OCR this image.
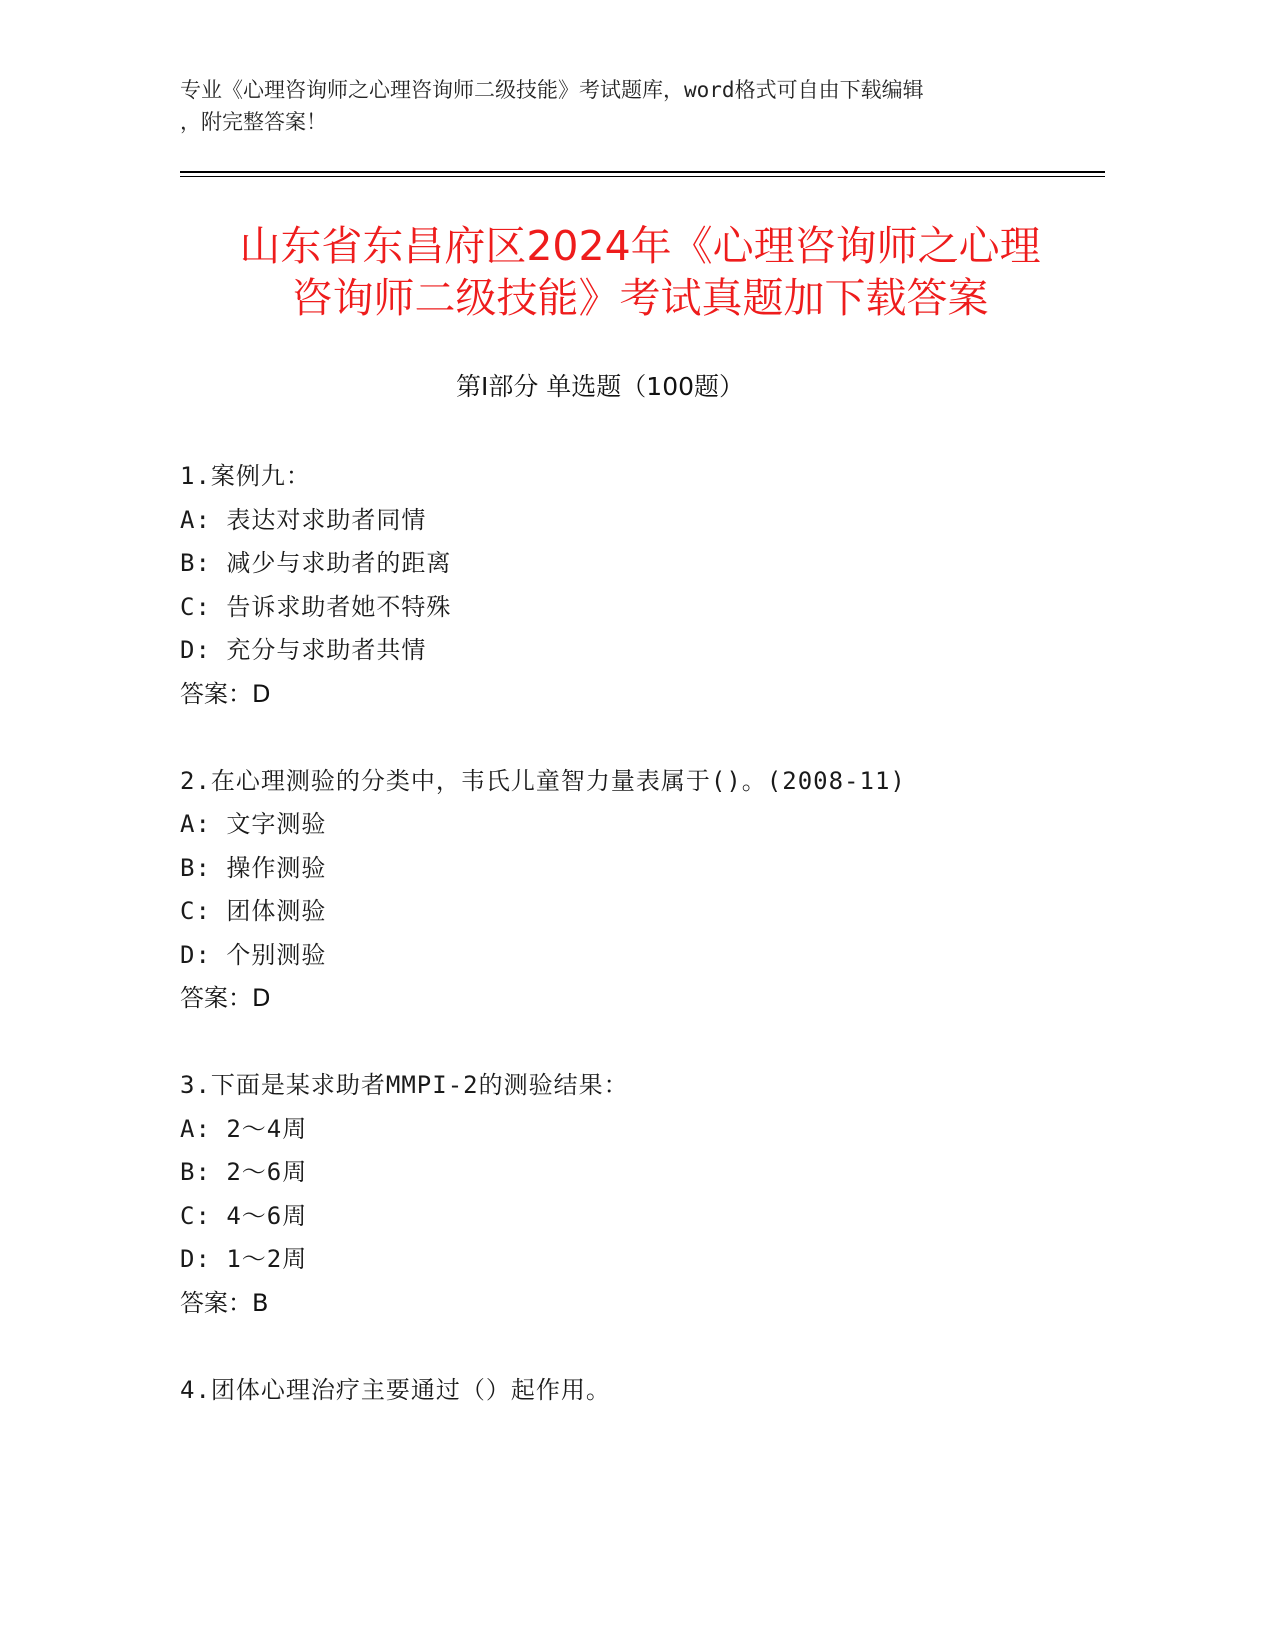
专业《心理咨询师之心理咨询师二级技能》考试题库，word格式可自由下载编辑
，附完整答案！
山东省东昌府区2024年《心理咨询师之心理
咨询师二级技能》考试真题加下载答案
第Ⅰ部分 单选题（100题）
1.案例九：
A: 表达对求助者同情
B: 减少与求助者的距离
C: 告诉求助者她不特殊
D: 充分与求助者共情
答案：D
2.在心理测验的分类中，韦氏儿童智力量表属于()。(2008-11)
A: 文字测验
B: 操作测验
C: 团体测验
D: 个别测验
答案：D
3.下面是某求助者MMPI-2的测验结果：
A: 2～4周
B: 2～6周
C: 4～6周
D: 1～2周
答案：B
4.团体心理治疗主要通过（）起作用。
